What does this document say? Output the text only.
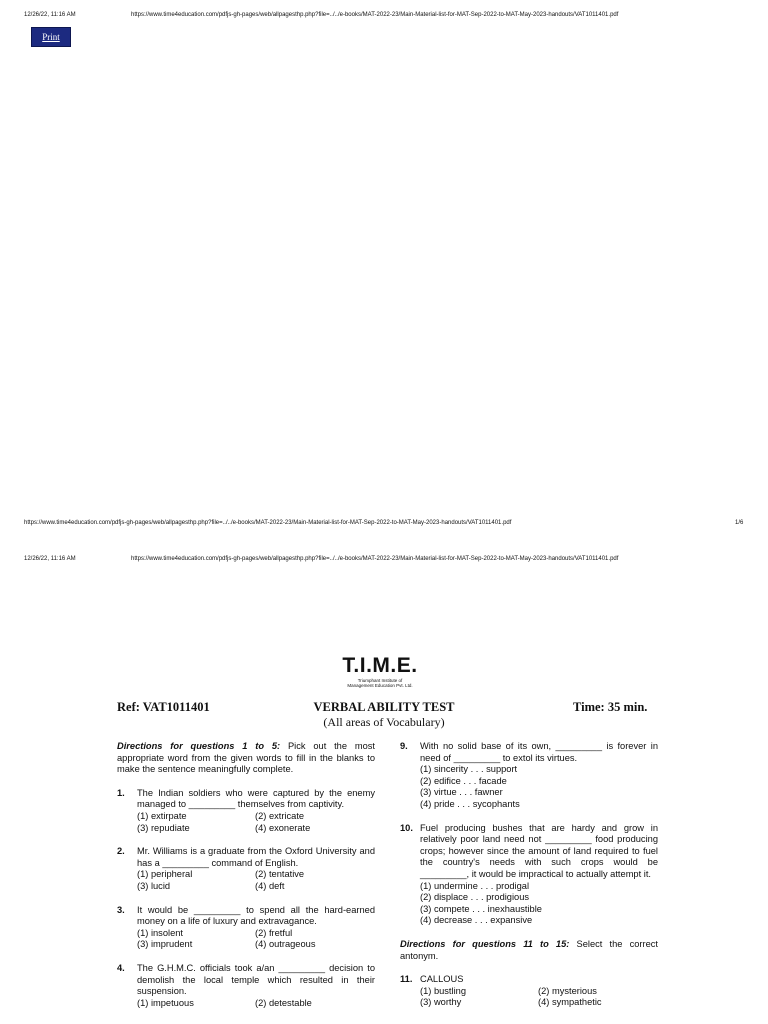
12/26/22, 11:16 AM	https://www.time4education.com/pdfjs-gh-pages/web/allpagesthp.php?file=../../e-books/MAT-2022-23/Main-Material-list-for-MAT-Sep-2022-to-MAT-May-2023-handouts/VAT1011401.pdf
Print
https://www.time4education.com/pdfjs-gh-pages/web/allpagesthp.php?file=../../e-books/MAT-2022-23/Main-Material-list-for-MAT-Sep-2022-to-MAT-May-2023-handouts/VAT1011401.pdf	1/6
12/26/22, 11:16 AM	https://www.time4education.com/pdfjs-gh-pages/web/allpagesthp.php?file=../../e-books/MAT-2022-23/Main-Material-list-for-MAT-Sep-2022-to-MAT-May-2023-handouts/VAT1011401.pdf
T.I.M.E.
Triumphant Institute of
Management Education Pvt. Ltd.
Ref: VAT1011401	VERBAL ABILITY TEST	Time: 35 min.
(All areas of Vocabulary)

Directions for questions 1 to 5: Pick out the most appropriate word from the given words to fill in the blanks to make the sentence meaningfully complete.

1. The Indian soldiers who were captured by the enemy managed to _________ themselves from captivity.

(1) extirpate	(2) extricate
(3) repudiate	(4) exonerate
2. Mr. Williams is a graduate from the Oxford University and has a _________ command of English.

(1) peripheral	(2) tentative
(3) lucid	(4) deft
3. It would be _________ to spend all the hard-earned money on a life of luxury and extravagance.

(1) insolent	(2) fretful
(3) imprudent	(4) outrageous
4. The G.H.M.C. officials took a/an _________ decision to demolish the local temple which resulted in their suspension.

(1) impetuous	(2) detestable
9. With no solid base of its own, _________ is forever in need of _________ to extol its virtues.

(1) sincerity . . . support
(2) edifice . . . facade
(3) virtue . . . fawner
(4) pride . . . sycophants
10. Fuel producing bushes that are hardy and grow in relatively poor land need not _________ food producing crops; however since the amount of land required to fuel the country's needs with such crops would be _________, it would be impractical to actually attempt it.

(1) undermine . . . prodigal
(2) displace . . . prodigious
(3) compete . . . inexhaustible
(4) decrease . . . expansive

Directions for questions 11 to 15: Select the correct antonym.

11. CALLOUS

(1) bustling	(2) mysterious
(3) worthy	(4) sympathetic
